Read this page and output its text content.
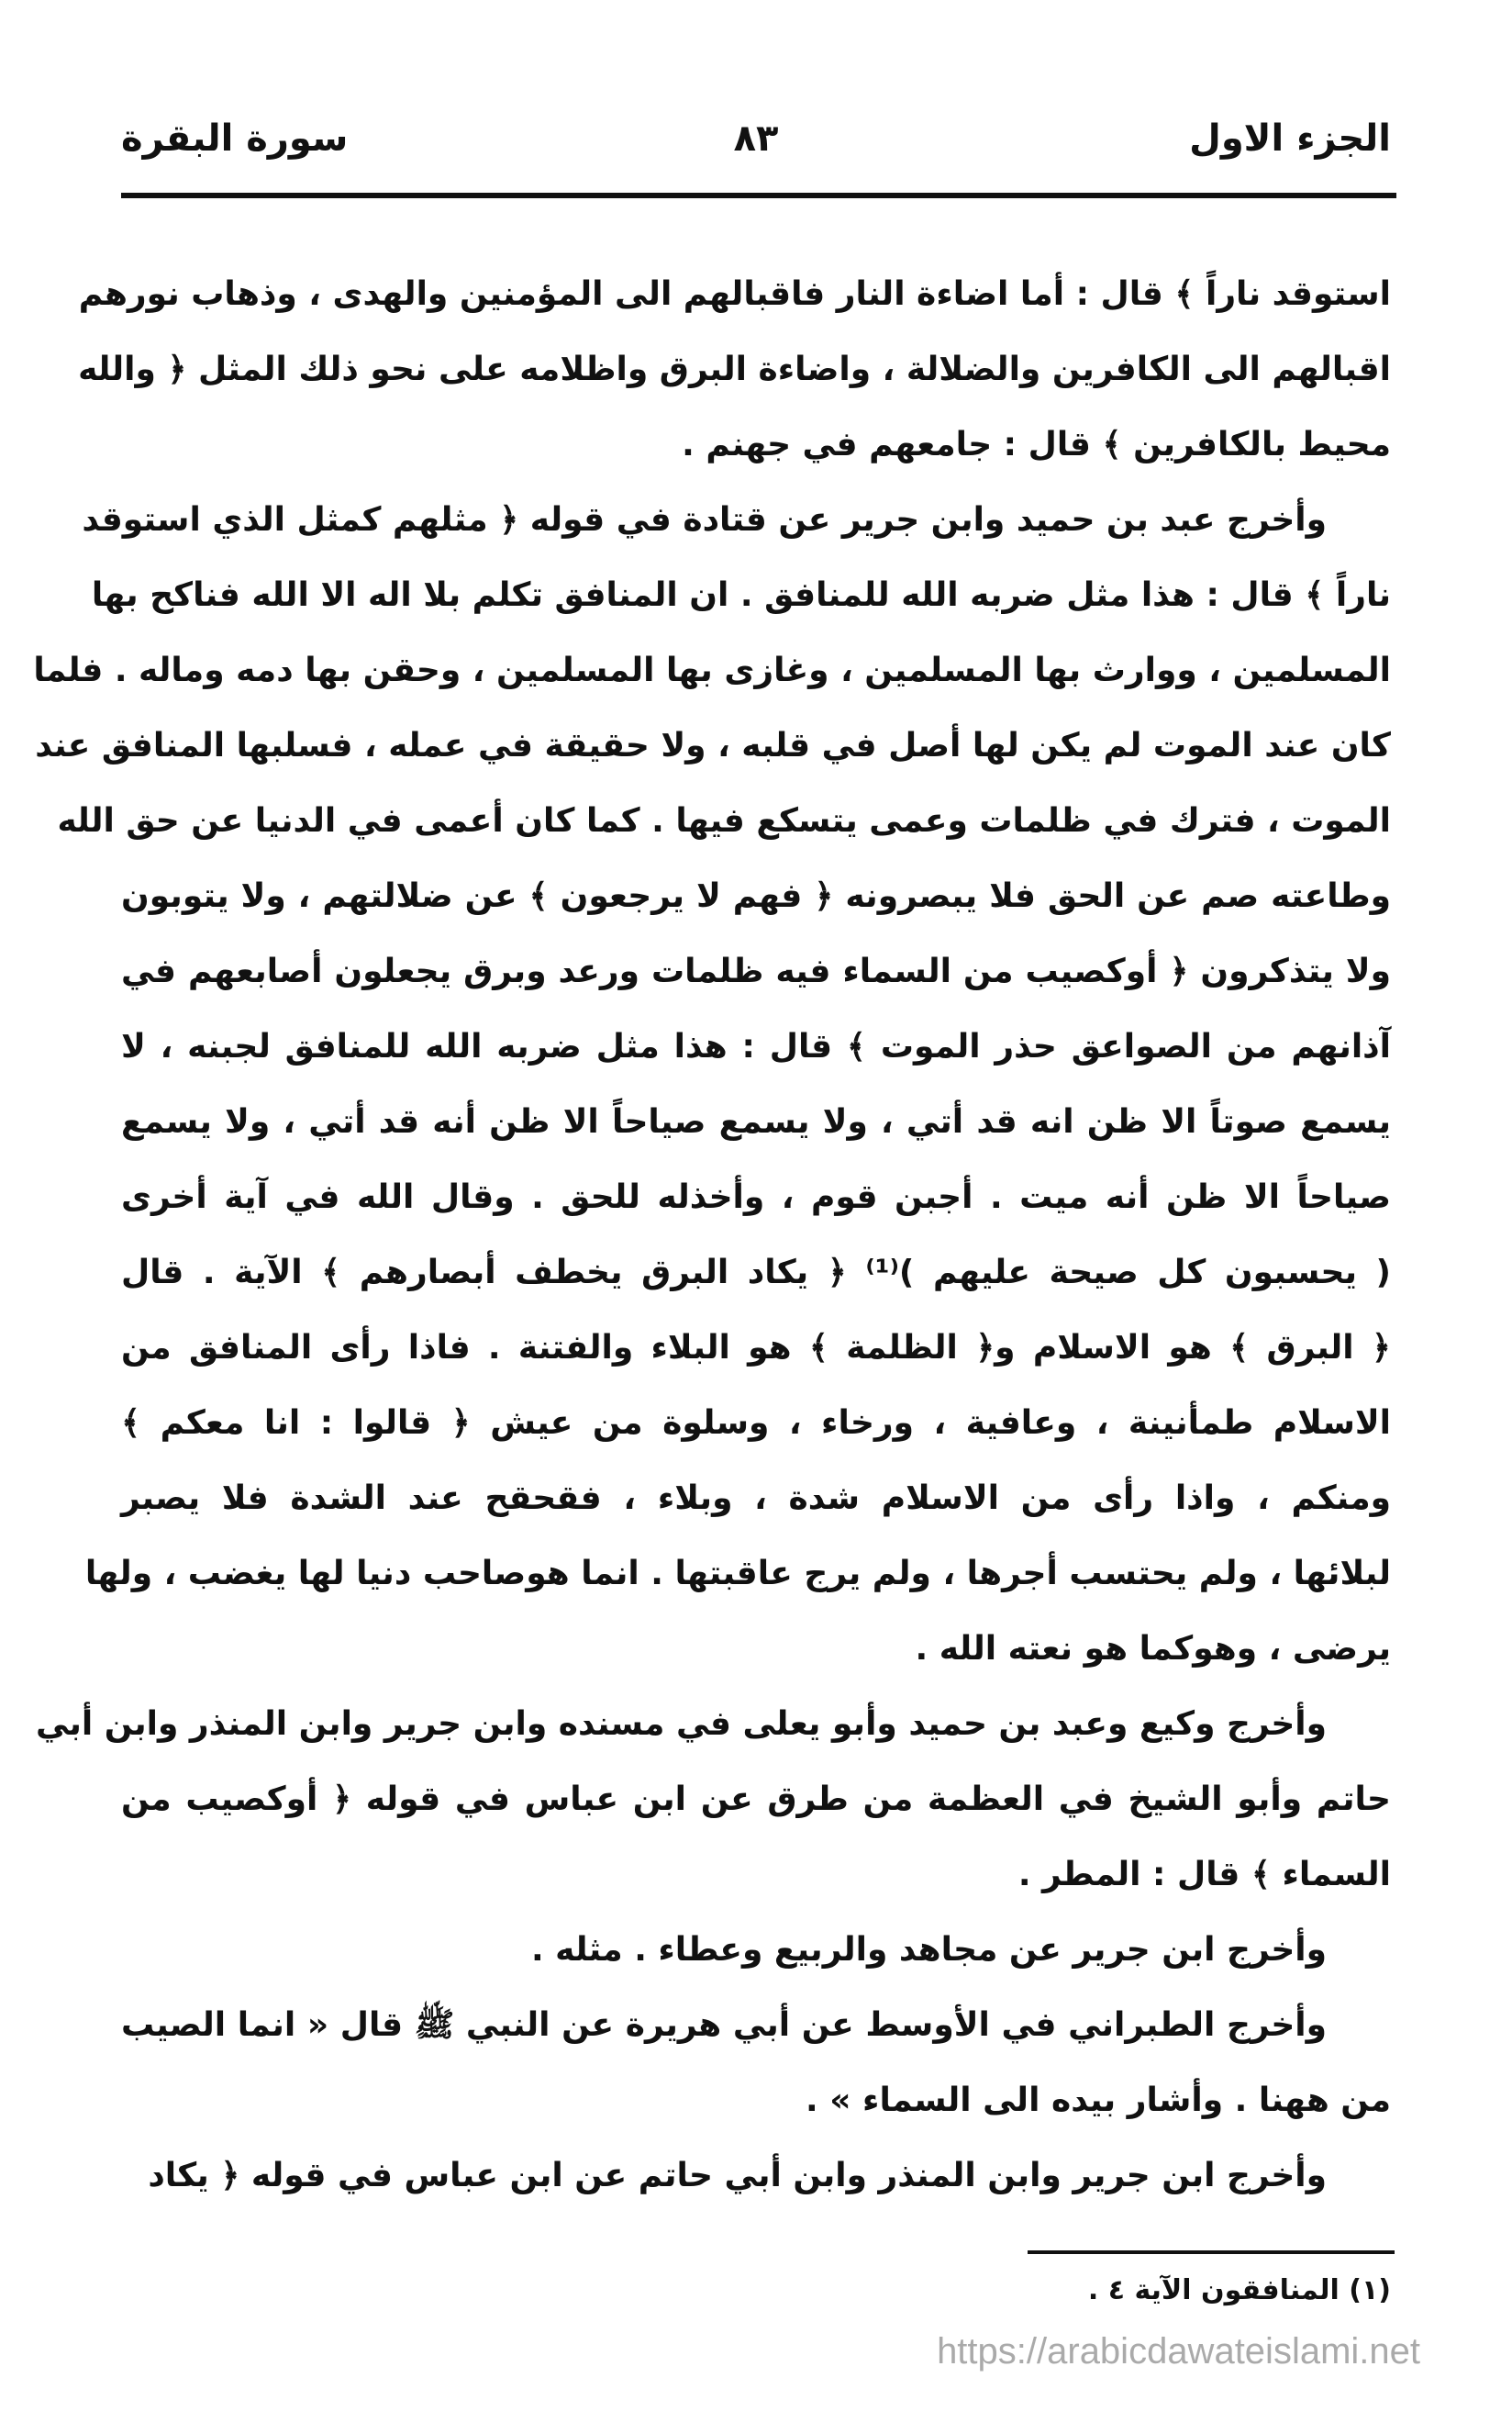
الجزء الاول
٨٣
سورة البقرة
استوقد ناراً ﴾ قال : أما اضاءة النار فاقبالهم الى المؤمنين والهدى ، وذهاب نورهم
اقبالهم الى الكافرين والضلالة ، واضاءة البرق واظلامه على نحو ذلك المثل ﴿ والله
محيط بالكافرين ﴾ قال : جامعهم في جهنم .
وأخرج عبد بن حميد وابن جرير عن قتادة في قوله ﴿ مثلهم كمثل الذي استوقد
ناراً ﴾ قال : هذا مثل ضربه الله للمنافق . ان المنافق تكلم بلا اله الا الله فناكح بها
المسلمين ، ووارث بها المسلمين ، وغازى بها المسلمين ، وحقن بها دمه وماله . فلما
كان عند الموت لم يكن لها أصل في قلبه ، ولا حقيقة في عمله ، فسلبها المنافق عند
الموت ، فترك في ظلمات وعمى يتسكع فيها . كما كان أعمى في الدنيا عن حق الله
وطاعته صم عن الحق فلا يبصرونه ﴿ فهم لا يرجعون ﴾ عن ضلالتهم ، ولا يتوبون
ولا يتذكرون ﴿ أوكصيب من السماء فيه ظلمات ورعد وبرق يجعلون أصابعهم في
آذانهم من الصواعق حذر الموت ﴾ قال : هذا مثل ضربه الله للمنافق لجبنه ، لا
يسمع صوتاً الا ظن انه قد أتي ، ولا يسمع صياحاً الا ظن أنه قد أتي ، ولا يسمع
صياحاً الا ظن أنه ميت . أجبن قوم ، وأخذله للحق . وقال الله في آية أخرى
( يحسبون كل صيحة عليهم )⁽¹⁾ ﴿ يكاد البرق يخطف أبصارهم ﴾ الآية . قال
﴿ البرق ﴾ هو الاسلام و﴿ الظلمة ﴾ هو البلاء والفتنة . فاذا رأى المنافق من
الاسلام طمأنينة ، وعافية ، ورخاء ، وسلوة من عيش ﴿ قالوا : انا معكم ﴾
ومنكم ، واذا رأى من الاسلام شدة ، وبلاء ، فقحقح عند الشدة فلا يصبر
لبلائها ، ولم يحتسب أجرها ، ولم يرج عاقبتها . انما هوصاحب دنيا لها يغضب ، ولها
يرضى ، وهوكما هو نعته الله .
وأخرج وكيع وعبد بن حميد وأبو يعلى في مسنده وابن جرير وابن المنذر وابن أبي
حاتم وأبو الشيخ في العظمة من طرق عن ابن عباس في قوله ﴿ أوكصيب من
السماء ﴾ قال : المطر .
وأخرج ابن جرير عن مجاهد والربيع وعطاء . مثله .
وأخرج الطبراني في الأوسط عن أبي هريرة عن النبي ﷺ قال « انما الصيب
من ههنا . وأشار بيده الى السماء » .
وأخرج ابن جرير وابن المنذر وابن أبي حاتم عن ابن عباس في قوله ﴿ يكاد
(١) المنافقون الآية ٤ .
https://arabicdawateislami.net
